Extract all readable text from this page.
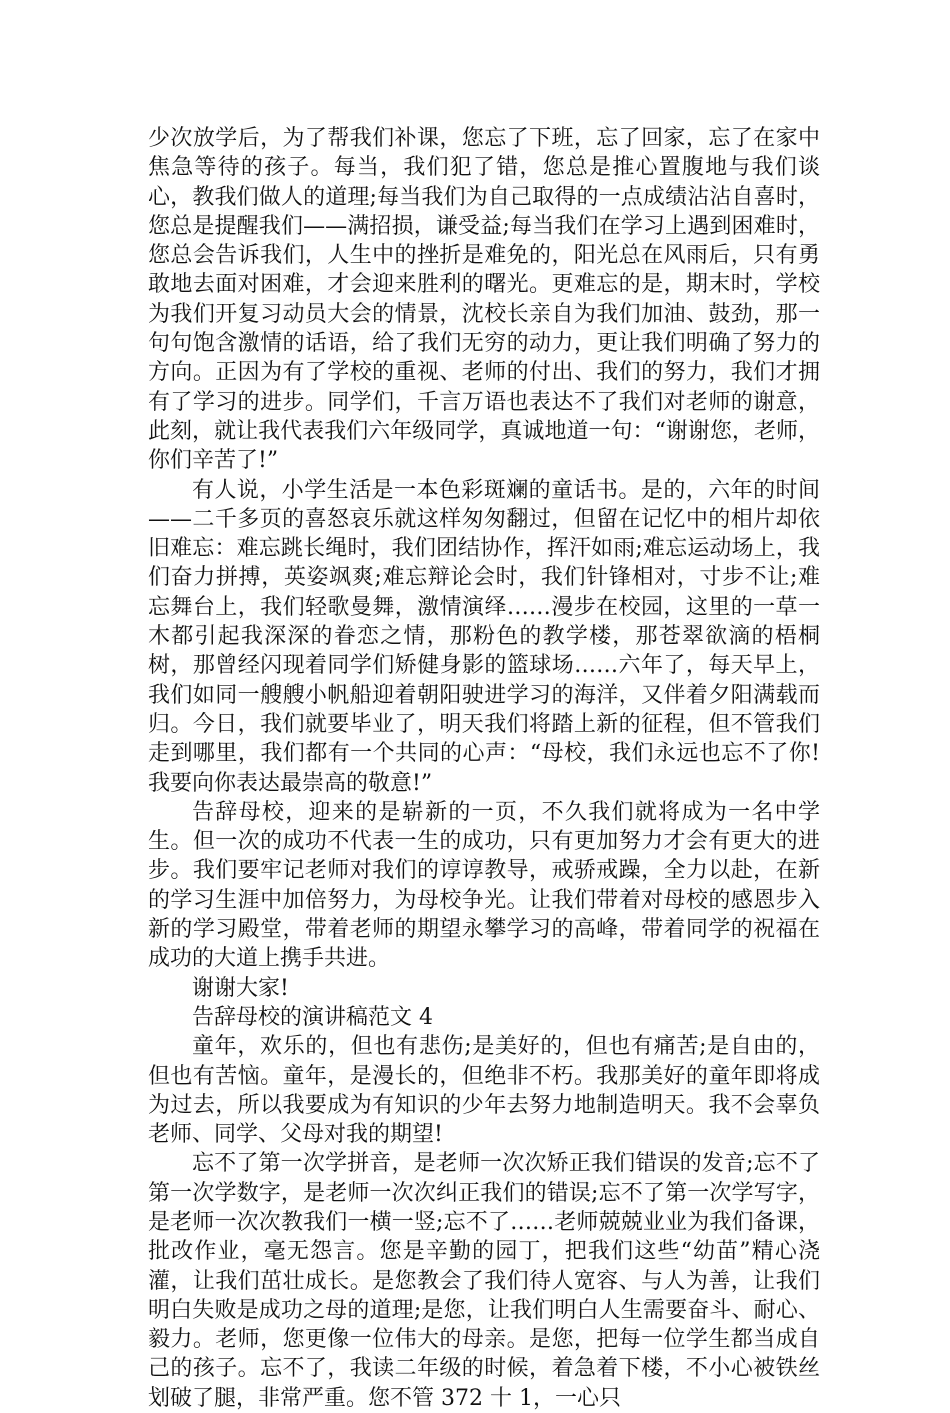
少次放学后，为了帮我们补课，您忘了下班，忘了回家，忘了在家中焦急等待的孩子。每当，我们犯了错，您总是推心置腹地与我们谈心，教我们做人的道理;每当我们为自己取得的一点成绩沾沾自喜时，您总是提醒我们——满招损，谦受益;每当我们在学习上遇到困难时，您总会告诉我们，人生中的挫折是难免的，阳光总在风雨后，只有勇敢地去面对困难，才会迎来胜利的曙光。更难忘的是，期末时，学校为我们开复习动员大会的情景，沈校长亲自为我们加油、鼓劲，那一句句饱含激情的话语，给了我们无穷的动力，更让我们明确了努力的方向。正因为有了学校的重视、老师的付出、我们的努力，我们才拥有了学习的进步。同学们，千言万语也表达不了我们对老师的谢意，此刻，就让我代表我们六年级同学，真诚地道一句：“谢谢您，老师，你们辛苦了!”

有人说，小学生活是一本色彩斑斓的童话书。是的，六年的时间——二千多页的喜怒哀乐就这样匆匆翻过，但留在记忆中的相片却依旧难忘：难忘跳长绳时，我们团结协作，挥汗如雨;难忘运动场上，我们奋力拼搏，英姿飒爽;难忘辩论会时，我们针锋相对，寸步不让;难忘舞台上，我们轻歌曼舞，激情演绎……漫步在校园，这里的一草一木都引起我深深的眷恋之情，那粉色的教学楼，那苍翠欲滴的梧桐树，那曾经闪现着同学们矫健身影的篮球场……六年了，每天早上，我们如同一艘艘小帆船迎着朝阳驶进学习的海洋，又伴着夕阳满载而归。今日，我们就要毕业了，明天我们将踏上新的征程，但不管我们走到哪里，我们都有一个共同的心声：“母校，我们永远也忘不了你!我要向你表达最崇高的敬意!”

告辞母校，迎来的是崭新的一页，不久我们就将成为一名中学生。但一次的成功不代表一生的成功，只有更加努力才会有更大的进步。我们要牢记老师对我们的谆谆教导，戒骄戒躁，全力以赴，在新的学习生涯中加倍努力，为母校争光。让我们带着对母校的感恩步入新的学习殿堂，带着老师的期望永攀学习的高峰，带着同学的祝福在成功的大道上携手共进。

谢谢大家!

告辞母校的演讲稿范文 4

童年，欢乐的，但也有悲伤;是美好的，但也有痛苦;是自由的，但也有苦恼。童年，是漫长的，但绝非不朽。我那美好的童年即将成为过去，所以我要成为有知识的少年去努力地制造明天。我不会辜负老师、同学、父母对我的期望!

忘不了第一次学拼音，是老师一次次矫正我们错误的发音;忘不了第一次学数字，是老师一次次纠正我们的错误;忘不了第一次学写字，是老师一次次教我们一横一竖;忘不了……老师兢兢业业为我们备课，批改作业，毫无怨言。您是辛勤的园丁，把我们这些“幼苗”精心浇灌，让我们茁壮成长。是您教会了我们待人宽容、与人为善，让我们明白失败是成功之母的道理;是您，让我们明白人生需要奋斗、耐心、毅力。老师，您更像一位伟大的母亲。是您，把每一位学生都当成自己的孩子。忘不了，我读二年级的时候，着急着下楼，不小心被铁丝划破了腿，非常严重。您不管 372 十 1，一心只
